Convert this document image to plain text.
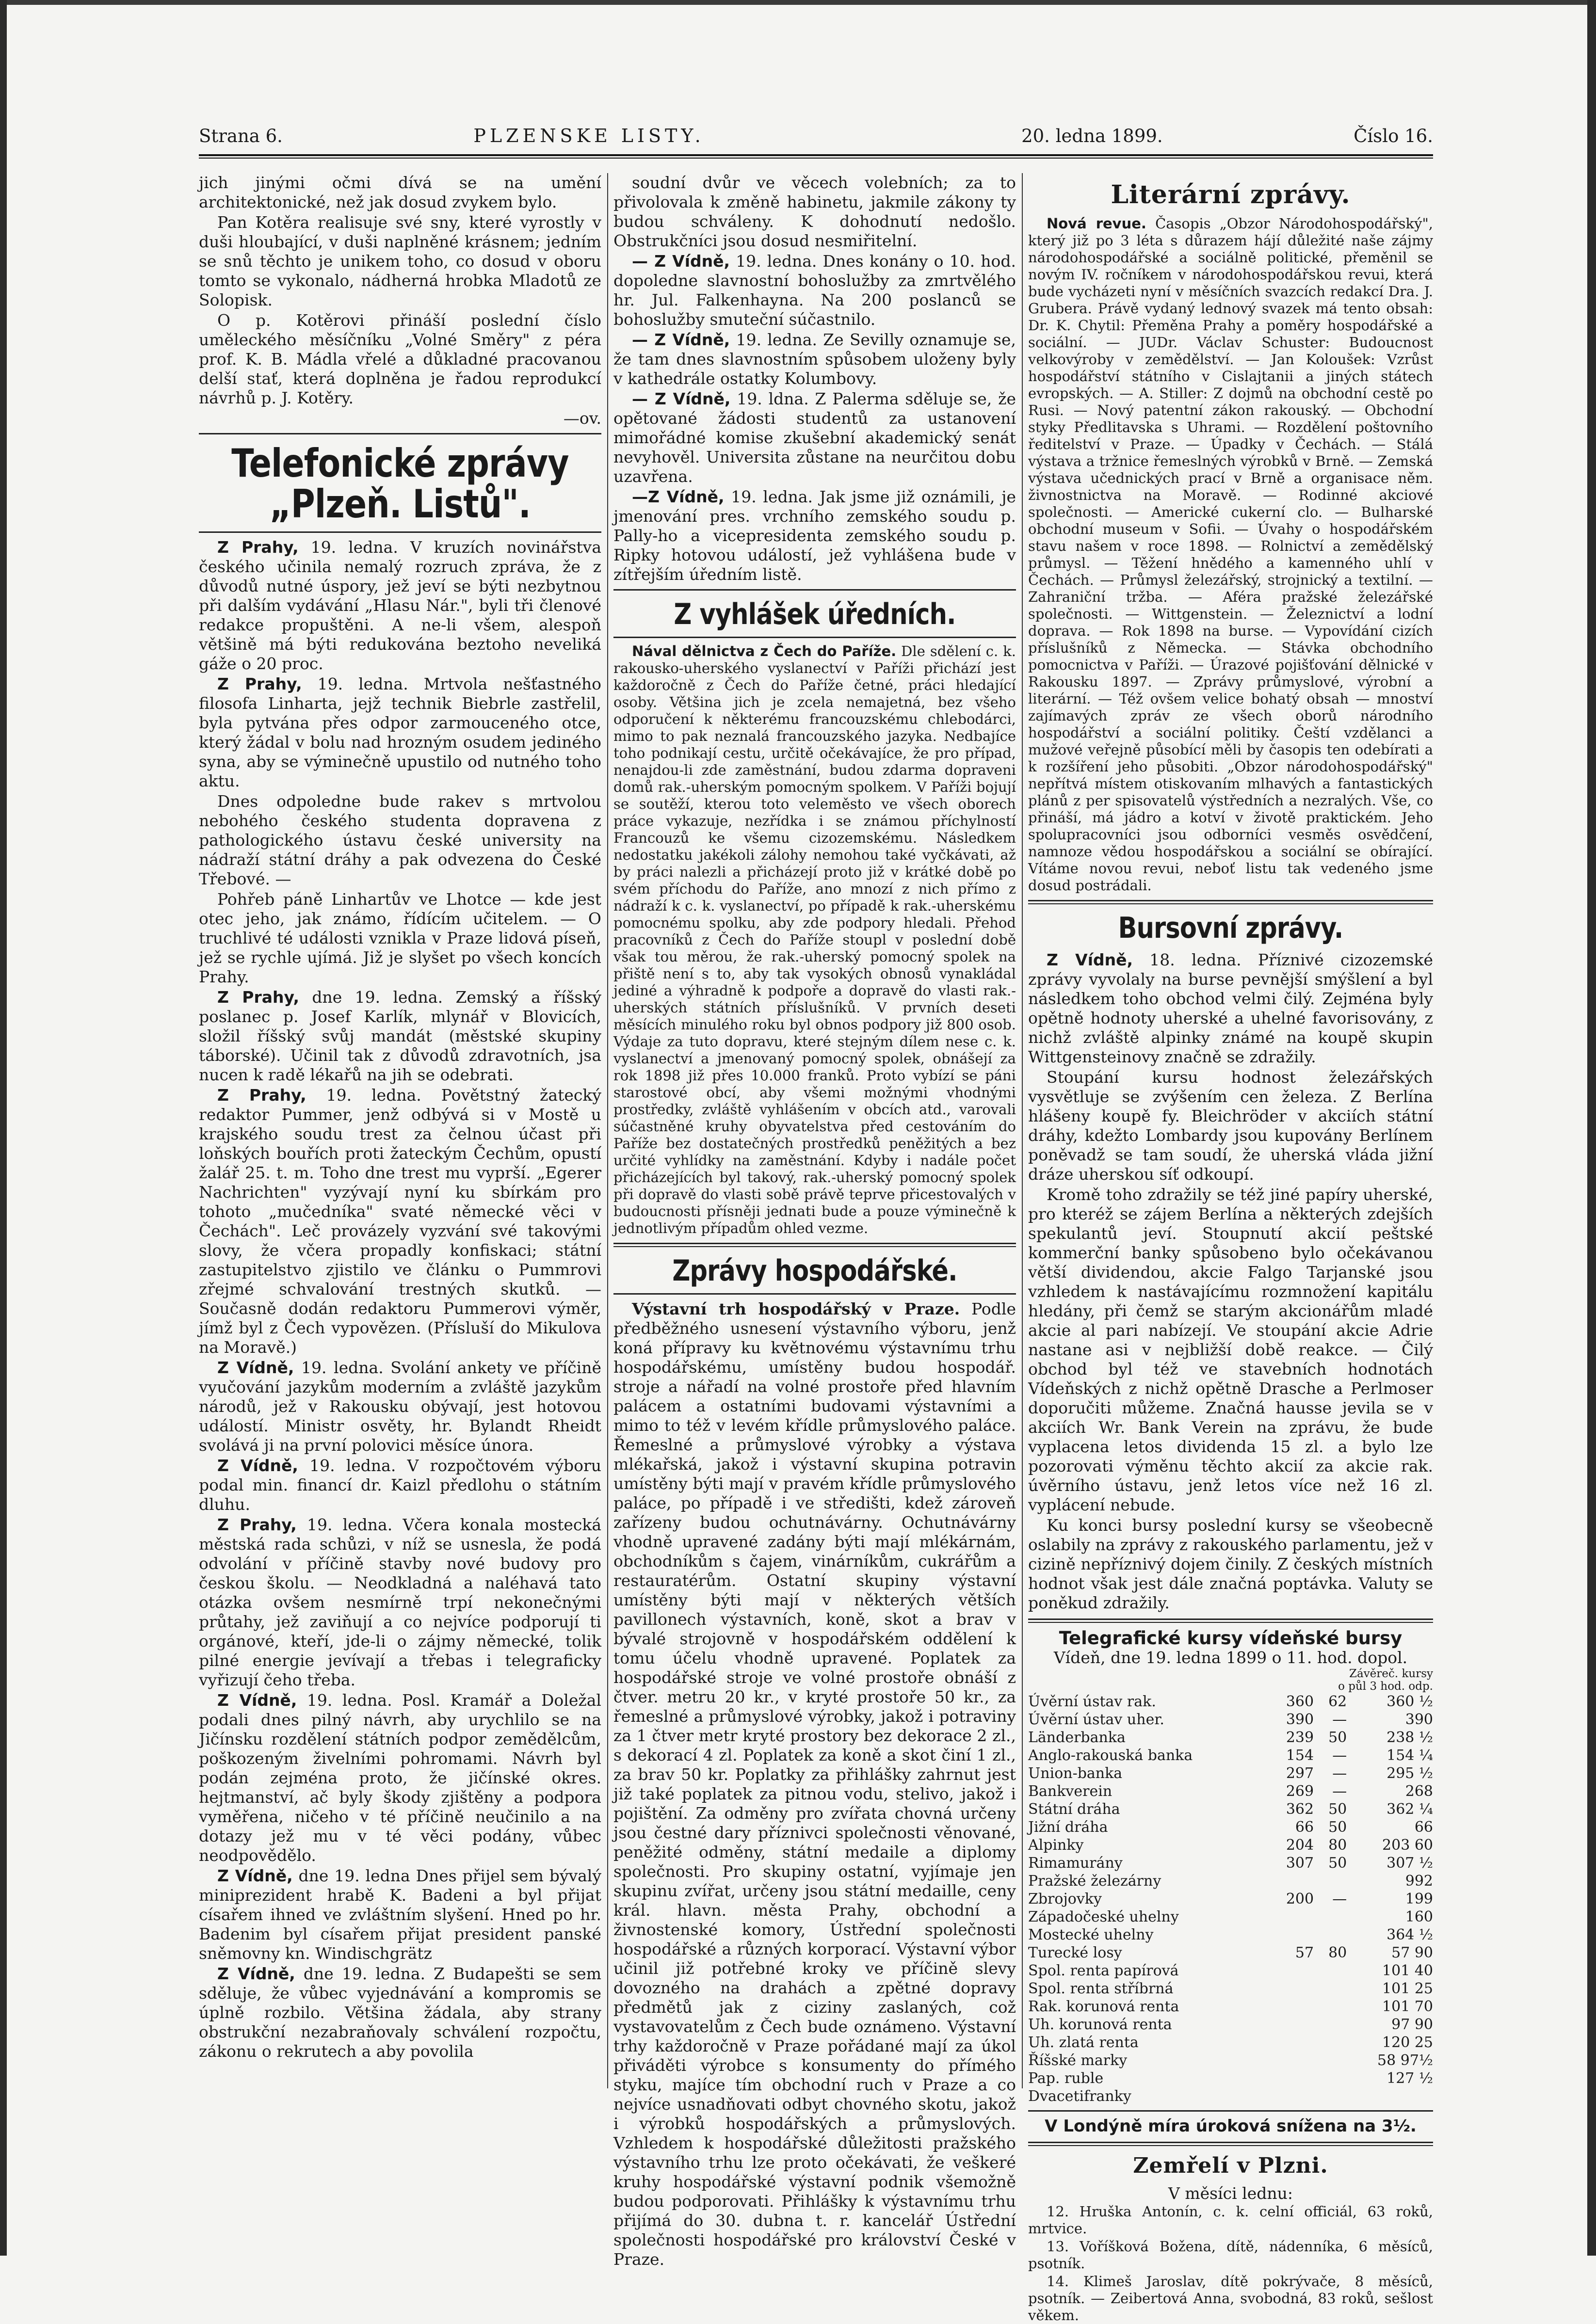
Strana 6.	PLZENSKE LISTY.	20. ledna 1899.	Číslo 16.

jich jinými očmi dívá se na umění architektonické, než jak dosud zvykem bylo.

Pan Kotěra realisuje své sny, které vyrostly v duši hloubající, v duši naplněné krásnem; jedním se snů těchto je unikem toho, co dosud v oboru tomto se vykonalo, nádherná hrobka Mladotů ze Solopisk.

O p. Kotěrovi přináší poslední číslo uměleckého měsíčníku „Volné Směry" z péra prof. K. B. Mádla vřelé a důkladné pracovanou delší stať, která doplněna je řadou reprodukcí návrhů p. J. Kotěry.

—ov.
Telefonické zprávy „Plzeň. Listů".

Z Prahy, 19. ledna. V kruzích novinářstva českého učinila nemalý rozruch zpráva, že z důvodů nutné úspory, jež jeví se býti nezbytnou při dalším vydávání „Hlasu Nár.", byli tři členové redakce propuštěni. A ne-li všem, alespoň většině má býti redukována beztoho neveliká gáže o 20 proc.

Z Prahy, 19. ledna. Mrtvola nešťastného filosofa Linharta, jejž technik Biebrle zastřelil, byla pytvána přes odpor zarmouceného otce, který žádal v bolu nad hrozným osudem jediného syna, aby se výminečně upustilo od nutného toho aktu.

Dnes odpoledne bude rakev s mrtvolou nebohého českého studenta dopravena z pathologického ústavu české university na nádraží státní dráhy a pak odvezena do České Třebové. —

Pohřeb páně Linhartův ve Lhotce — kde jest otec jeho, jak známo, řídícím učitelem. — O truchlivé té události vznikla v Praze lidová píseň, jež se rychle ujímá. Již je slyšet po všech koncích Prahy.

Z Prahy, dne 19. ledna. Zemský a říšský poslanec p. Josef Karlík, mlynář v Blovicích, složil říšský svůj mandát (městské skupiny táborské). Učinil tak z důvodů zdravotních, jsa nucen k radě lékařů na jih se odebrati.

Z Prahy, 19. ledna. Povětstný žatecký redaktor Pummer, jenž odbývá si v Mostě u krajského soudu trest za čelnou účast při loňských bouřích proti žateckým Čechům, opustí žalář 25. t. m. Toho dne trest mu vyprší. „Egerer Nachrichten" vyzývají nyní ku sbírkám pro tohoto „mučedníka" svaté německé věci v Čechách". Leč provázely vyzvání své takovými slovy, že včera propadly konfiskaci; státní zastupitelstvo zjistilo ve článku o Pummrovi zřejmé schvalování trestných skutků. — Současně dodán redaktoru Pummerovi výměr, jímž byl z Čech vypovězen. (Přísluší do Mikulova na Moravě.)

Z Vídně, 19. ledna. Svolání ankety ve příčině vyučování jazykům moderním a zvláště jazykům národů, jež v Rakousku obývají, jest hotovou událostí. Ministr osvěty, hr. Bylandt Rheidt svolává ji na první polovici měsíce února.

Z Vídně, 19. ledna. V rozpočtovém výboru podal min. financí dr. Kaizl předlohu o státním dluhu.

Z Prahy, 19. ledna. Včera konala mostecká městská rada schůzi, v níž se usnesla, že podá odvolání v příčině stavby nové budovy pro českou školu. — Neodkladná a naléhavá tato otázka ovšem nesmírně trpí nekonečnými průtahy, jež zaviňují a co nejvíce podporují ti orgánové, kteří, jde-li o zájmy německé, tolik pilné energie jevívají a třebas i telegraficky vyřizují čeho třeba.

Z Vídně, 19. ledna. Posl. Kramář a Doležal podali dnes pilný návrh, aby urychlilo se na Jičínsku rozdělení státních podpor zemědělcům, poškozeným živelními pohromami. Návrh byl podán zejména proto, že jičínské okres. hejtmanství, ač byly škody zjištěny a podpora vyměřena, ničeho v té příčině neučinilo a na dotazy jež mu v té věci podány, vůbec neodpovědělo.

Z Vídně, dne 19. ledna Dnes přijel sem bývalý miniprezident hrabě K. Badeni a byl přijat císařem ihned ve zvláštním slyšení. Hned po hr. Badenim byl císařem přijat president panské sněmovny kn. Windischgrätz

Z Vídně, dne 19. ledna. Z Budapešti se sem sděluje, že vůbec vyjednávání a kompromis se úplně rozbilo. Většina žádala, aby strany obstrukční nezabraňovaly schválení rozpočtu, zákonu o rekrutech a aby povolila

soudní dvůr ve věcech volebních; za to přivolovala k změně habinetu, jakmile zákony ty budou schváleny. K dohodnutí nedošlo. Obstrukčníci jsou dosud nesmiřitelní.

— Z Vídně, 19. ledna. Dnes konány o 10. hod. dopoledne slavnostní bohoslužby za zmrtvělého hr. Jul. Falkenhayna. Na 200 poslanců se bohoslužby smuteční súčastnilo.

— Z Vídně, 19. ledna. Ze Sevilly oznamuje se, že tam dnes slavnostním spůsobem uloženy byly v kathedrále ostatky Kolumbovy.

— Z Vídně, 19. ldna. Z Palerma sděluje se, že opětované žádosti studentů za ustanovení mimořádné komise zkušební akademický senát nevyhověl. Universita zůstane na neurčitou dobu uzavřena.

—Z Vídně, 19. ledna. Jak jsme již oznámili, je jmenování pres. vrchního zemského soudu p. Pally-ho a vicepresidenta zemského soudu p. Ripky hotovou událostí, jež vyhlášena bude v zítřejším úředním listě.

Z vyhlášek úředních.

Nával dělnictva z Čech do Paříže. Dle sdělení c. k. rakousko-uherského vyslanectví v Paříži přichází jest každoročně z Čech do Paříže četné, práci hledající osoby. Většina jich je zcela nemajetná, bez všeho odporučení k některému francouzskému chlebodárci, mimo to pak neznalá francouzského jazyka. Nedbajíce toho podnikají cestu, určitě očekávajíce, že pro případ, nenajdou-li zde zaměstnání, budou zdarma dopraveni domů rak.-uherským pomocným spolkem. V Paříži bojují se soutěží, kterou toto veleměsto ve všech oborech práce vykazuje, nezřídka i se známou příchylností Francouzů ke všemu cizozemskému. Následkem nedostatku jakékoli zálohy nemohou také vyčkávati, až by práci nalezli a přicházejí proto již v krátké době po svém příchodu do Paříže, ano mnozí z nich přímo z nádraží k c. k. vyslanectví, po případě k rak.-uherskému pomocnému spolku, aby zde podpory hledali. Přehod pracovníků z Čech do Paříže stoupl v poslední době však tou měrou, že rak.-uherský pomocný spolek na přiště není s to, aby tak vysokých obnosů vynakládal jediné a výhradně k podpoře a dopravě do vlasti rak.-uherských státních příslušníků. V prvních deseti měsících minulého roku byl obnos podpory již 800 osob. Výdaje za tuto dopravu, které stejným dílem nese c. k. vyslanectví a jmenovaný pomocný spolek, obnášejí za rok 1898 již přes 10.000 franků. Proto vybízí se páni starostové obcí, aby všemi možnými vhodnými prostředky, zvláště vyhlášením v obcích atd., varovali súčastněné kruhy obyvatelstva před cestováním do Paříže bez dostatečných prostředků peněžitých a bez určité vyhlídky na zaměstnání. Kdyby i nadále počet přicházejících byl takový, rak.-uherský pomocný spolek při dopravě do vlasti sobě právě teprve přicestovalých v budoucnosti přísněji jednati bude a pouze výminečně k jednotlivým případům ohled vezme.

Zprávy hospodářské.

Výstavní trh hospodářský v Praze. Podle předběžného usnesení výstavního výboru, jenž koná přípravy ku květnovému výstavnímu trhu hospodářskému, umístěny budou hospodář. stroje a nářadí na volné prostoře před hlavním palácem a ostatními budovami výstavními a mimo to též v levém křídle průmyslového paláce. Řemeslné a průmyslové výrobky a výstava mlékařská, jakož i výstavní skupina potravin umístěny býti mají v pravém křídle průmyslového paláce, po případě i ve středišti, kdež zároveň zařízeny budou ochutnávárny. Ochutnávárny vhodně upravené zadány býti mají mlékárnám, obchodníkům s čajem, vinárníkům, cukrářům a restauratérům. Ostatní skupiny výstavní umístěny býti mají v některých větších pavillonech výstavních, koně, skot a brav v bývalé strojovně v hospodářském oddělení k tomu účelu vhodně upravené. Poplatek za hospodářské stroje ve volné prostoře obnáší z čtver. metru 20 kr., v kryté prostoře 50 kr., za řemeslné a průmyslové výrobky, jakož i potraviny za 1 čtver metr kryté prostory bez dekorace 2 zl., s dekorací 4 zl. Poplatek za koně a skot činí 1 zl., za brav 50 kr. Poplatky za přihlášky zahrnut jest již také poplatek za pitnou vodu, stelivo, jakož i pojištění. Za odměny pro zvířata chovná určeny jsou čestné dary příznivci společnosti věnované, peněžité odměny, státní medaile a diplomy společnosti. Pro skupiny ostatní, vyjímaje jen skupinu zvířat, určeny jsou státní medaille, ceny král. hlavn. města Prahy, obchodní a živnostenské komory, Ústřední společnosti hospodářské a různých korporací. Výstavní výbor učinil již potřebné kroky ve příčině slevy dovozného na drahách a zpětné dopravy předmětů jak z ciziny zaslaných, což vystavovatelům z Čech bude oznámeno. Výstavní trhy každoročně v Praze pořádané mají za úkol přiváděti výrobce s konsumenty do přímého styku, majíce tím obchodní ruch v Praze a co nejvíce usnadňovati odbyt chovného skotu, jakož i výrobků hospodářských a průmyslových. Vzhledem k hospodářské důležitosti pražského výstavního trhu lze proto očekávati, že veškeré kruhy hospodářské výstavní podnik všemožně budou podporovati. Přihlášky k výstavnímu trhu přijímá do 30. dubna t. r. kancelář Ústřední společnosti hospodářské pro království České v Praze.

Literární zprávy.

Nová revue. Časopis „Obzor Národohospodářský", který již po 3 léta s důrazem hájí důležité naše zájmy národohospodářské a sociálně politické, přeměnil se novým IV. ročníkem v národohospodářskou revui, která bude vycházeti nyní v měsíčních svazcích redakcí Dra. J. Grubera. Právě vydaný lednový svazek má tento obsah: Dr. K. Chytil: Přeměna Prahy a poměry hospodářské a sociální. — JUDr. Václav Schuster: Budoucnost velkovýroby v zemědělství. — Jan Koloušek: Vzrůst hospodářství státního v Cislajtanii a jiných státech evropských. — A. Stiller: Z dojmů na obchodní cestě po Rusi. — Nový patentní zákon rakouský. — Obchodní styky Předlitavska s Uhrami. — Rozdělení poštovního ředitelství v Praze. — Úpadky v Čechách. — Stálá výstava a tržnice řemeslných výrobků v Brně. — Zemská výstava učednických prací v Brně a organisace něm. živnostnictva na Moravě. — Rodinné akciové společnosti. — Americké cukerní clo. — Bulharské obchodní museum v Sofii. — Úvahy o hospodářském stavu našem v roce 1898. — Rolnictví a zemědělský průmysl. — Těžení hnědého a kamenného uhlí v Čechách. — Průmysl železářský, strojnický a textilní. — Zahraniční tržba. — Aféra pražské železářské společnosti. — Wittgenstein. — Železnictví a lodní doprava. — Rok 1898 na burse. — Vypovídání cizích příslušníků z Německa. — Stávka obchodního pomocnictva v Paříži. — Úrazové pojišťování dělnické v Rakousku 1897. — Zprávy průmyslové, výrobní a literární. — Též ovšem velice bohatý obsah — mnoství zajímavých zpráv ze všech oborů národního hospodářství a sociální politiky. Čeští vzdělanci a mužové veřejně působící měli by časopis ten odebírati a k rozšíření jeho působiti. „Obzor národohospodářský" nepřítvá místem otiskovaním mlhavých a fantastických plánů z per spisovatelů výstředních a nezralých. Vše, co přináší, má jádro a kotví v životě praktickém. Jeho spolupracovníci jsou odborníci vesměs osvědčení, namnoze vědou hospodářskou a sociální se obírající. Vítáme novou revui, neboť listu tak vedeného jsme dosud postrádali.

Bursovní zprávy.

Z Vídně, 18. ledna. Příznivé cizozemské zprávy vyvolaly na burse pevnější smýšlení a byl následkem toho obchod velmi čilý. Zejména byly opětně hodnoty uherské a uhelné favorisovány, z nichž zvláště alpinky známé na koupě skupin Wittgensteinovy značně se zdražily.

Stoupání kursu hodnost železářských vysvětluje se zvýšením cen železa. Z Berlína hlášeny koupě fy. Bleichröder v akciích státní dráhy, kdežto Lombardy jsou kupovány Berlínem poněvadž se tam soudí, že uherská vláda jižní dráze uherskou síť odkoupí.

Kromě toho zdražily se též jiné papíry uherské, pro kteréž se zájem Berlína a některých zdejších spekulantů jeví. Stoupnutí akcií peštské kommerční banky spůsobeno bylo očekávanou větší dividendou, akcie Falgo Tarjanské jsou vzhledem k nastávajícímu rozmnožení kapitálu hledány, při čemž se starým akcionářům mladé akcie al pari nabízejí. Ve stoupání akcie Adrie nastane asi v nejbližší době reakce. — Čilý obchod byl též ve stavebních hodnotách Vídeňských z nichž opětně Drasche a Perlmoser doporučiti můžeme. Značná hausse jevila se v akciích Wr. Bank Verein na zprávu, že bude vyplacena letos dividenda 15 zl. a bylo lze pozorovati výměnu těchto akcií za akcie rak. úvěrního ústavu, jenž letos více než 16 zl. vyplácení nebude.

Ku konci bursy poslední kursy se všeobecně oslabily na zprávy z rakouského parlamentu, jež v cizině nepříznivý dojem činily. Z českých místních hodnot však jest dále značná poptávka. Valuty se poněkud zdražily.

Telegrafické kursy vídeňské bursy
Vídeň, dne 19. ledna 1899 o 11. hod. dopol.
Závěreč. kursy
o půl 3 hod. odp.
Úvěrní ústav rak.	360	62	360 ½
Úvěrní ústav uher.	390	—	390
Länderbanka	239	50	238 ½
Anglo-rakouská banka	154	—	154 ¼
Union-banka	297	—	295 ½
Bankverein	269	—	268
Státní dráha	362	50	362 ¼
Jižní dráha	66	50	66
Alpinky	204	80	203 60
Rimamurány	307	50	307 ½
Pražské železárny			992
Zbrojovky	200	—	199
Západočeské uhelny			160
Mostecké uhelny			364 ½
Turecké losy	57	80	57 90
Spol. renta papírová			101 40
Spol. renta stříbrná			101 25
Rak. korunová renta			101 70
Uh. korunová renta			97 90
Uh. zlatá renta			120 25
Říšské marky			58 97½
Pap. ruble			127 ½
Dvacetifranky			
V Londýně míra úroková snížena na 3½.
Zemřelí v Plzni.
V měsíci lednu:

12. Hruška Antonín, c. k. celní officiál, 63 roků, mrtvice.

13. Voříšková Božena, dítě, nádenníka, 6 měsíců, psotník.

14. Klimeš Jaroslav, dítě pokrývače, 8 měsíců, psotník. — Zeibertová Anna, svobodná, 83 roků, sešlost věkem.
